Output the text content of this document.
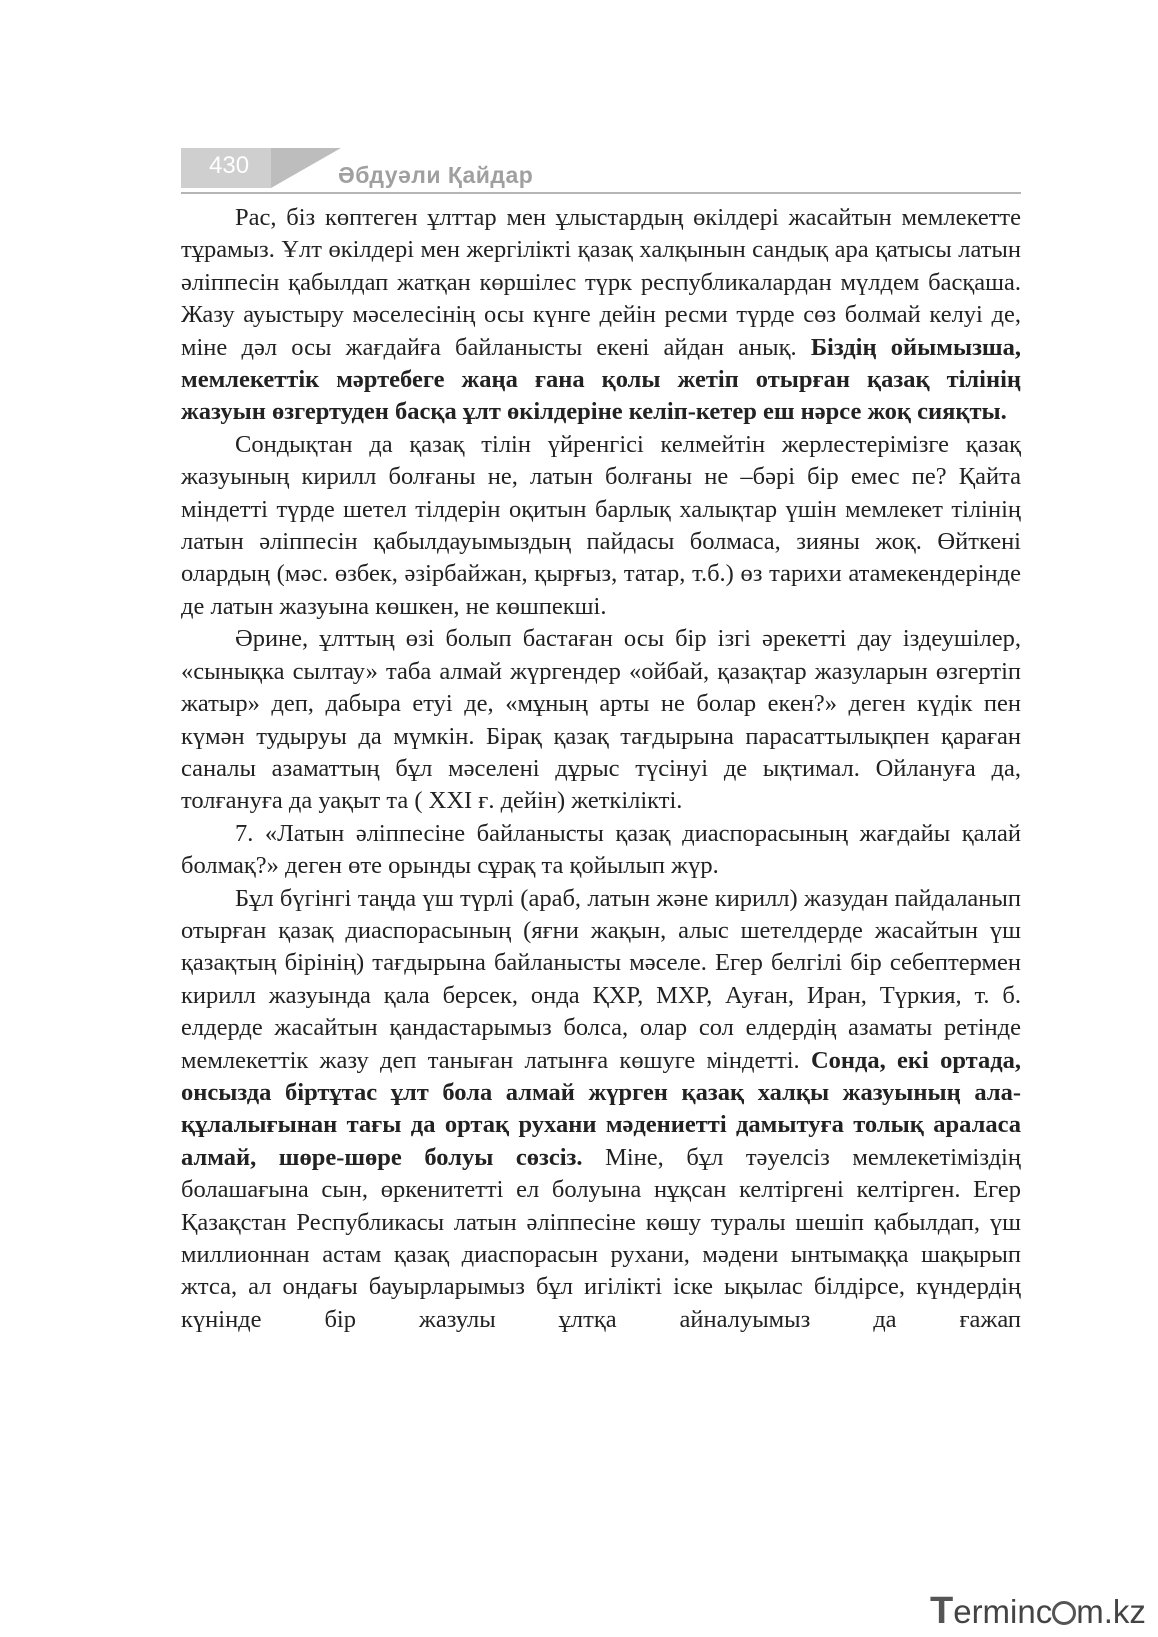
430	Әбдуәли Қайдар

Рас, біз көптеген ұлттар мен ұлыстардың өкілдері жасайтын мемлекетте тұрамыз. Ұлт өкілдері мен жергілікті қазақ халқынын сандық ара қатысы латын әліппесін қабылдап жатқан көршілес түрк республикалардан мүлдем басқаша. Жазу ауыстыру мәселесінің осы күнге дейін ресми түрде сөз болмай келуі де, міне дәл осы жағдайға байланысты екені айдан анық. Біздің ойымызша, мемлекеттік мәртебеге жаңа ғана қолы жетіп отырған қазақ тілінің жазуын өзгертуден басқа ұлт өкілдеріне келіп-кетер еш нәрсе жоқ сияқты.

Сондықтан да қазақ тілін үйренгісі келмейтін жерлестерімізге қазақ жазуының кирилл болғаны не, латын болғаны не –бәрі бір емес пе? Қайта міндетті түрде шетел тілдерін оқитын барлық халықтар үшін мемлекет тілінің латын әліппесін қабылдауымыздың пайдасы болмаса, зияны жоқ. Өйткені олардың (мәс. өзбек, әзірбайжан, қырғыз, татар, т.б.) өз тарихи атамекендерінде де латын жазуына көшкен, не көшпекші.

Әрине, ұлттың өзі болып бастаған осы бір ізгі әрекетті дау іздеушілер, «сынықка сылтау» таба алмай жүргендер «ойбай, қазақтар жазуларын өзгертіп жатыр» деп, дабыра етуі де, «мұның арты не болар екен?» деген күдік пен күмән тудыруы да мүмкін. Бірақ қазақ тағдырына парасаттылықпен қараған саналы азаматтың бұл мәселені дұрыс түсінуі де ықтимал. Ойлануға да, толғануға да уақыт та ( XXI ғ. дейін) жеткілікті.

7. «Латын әліппесіне байланысты қазақ диаспорасының жағдайы қалай болмақ?» деген өте орынды сұрақ та қойылып жүр.

Бұл бүгінгі таңда үш түрлі (араб, латын және кирилл) жазудан пайдаланып отырған қазақ диаспорасының (яғни жақын, алыс шетелдерде жасайтын үш қазақтың бірінің) тағдырына байланысты мәселе. Егер белгілі бір себептермен кирилл жазуында қала берсек, онда ҚХР, МХР, Ауған, Иран, Түркия, т. б. елдерде жасайтын қандастарымыз болса, олар сол елдердің азаматы ретінде мемлекеттік жазу деп таныған латынға көшуге міндетті. Сонда, екі ортада, онсызда біртұтас ұлт бола алмай жүрген қазақ халқы жазуының ала-құлалығынан тағы да ортақ рухани мәдениетті дамытуға толық араласа алмай, шөре-шөре болуы сөзсіз. Міне, бұл тәуелсіз мемлекетіміздің болашағына сын, өркенитетті ел болуына нұқсан келтіргені келтірген. Егер Қазақстан Республикасы латын әліппесіне көшу туралы шешіп қабылдап, үш миллионнан астам қазақ диаспорасын рухани, мәдени ынтымаққа шақырып жтса, ал ондағы бауырларымыз бұл игілікті іске ықылас білдірсе, күндердің күнінде бір жазулы ұлтқа айналуымыз да ғажап

Terminc m.kz
